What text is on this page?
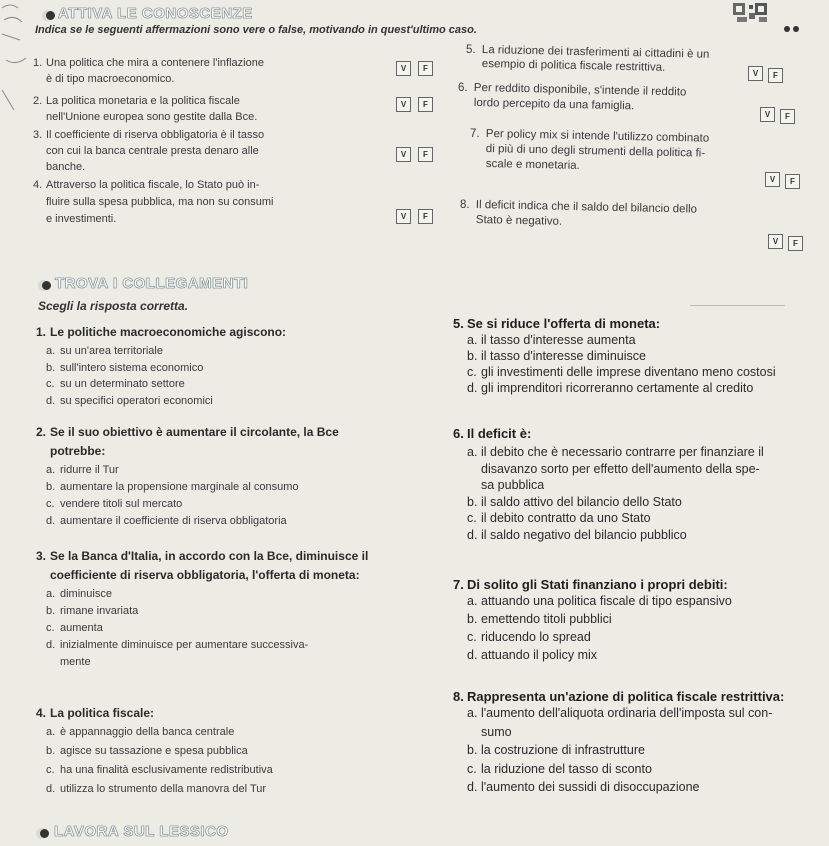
ATTIVA LE CONOSCENZE
Indica se le seguenti affermazioni sono vere o false, motivando in quest'ultimo caso.
Una politica che mira a contenere l'inflazione
è di tipo macroeconomico.
1.	V	F
La politica monetaria e la politica fiscale
nell'Unione europea sono gestite dalla Bce.
2.	V	F
Il coefficiente di riserva obbligatoria è il tasso
con cui la banca centrale presta denaro alle
banche.
3.
V	F
Attraverso la politica fiscale, lo Stato può in-
fluire sulla spesa pubblica, ma non su consumi
e investimenti.
4.
V	F
5. La riduzione dei trasferimenti ai cittadini è un
esempio di politica fiscale restrittiva.	V	F
6. Per reddito disponibile, s'intende il reddito
lordo percepito da una famiglia.
V	F
7. Per policy mix si intende l'utilizzo combinato
di più di uno degli strumenti della politica fi-
scale e monetaria.
V	F
8. Il deficit indica che il saldo del bilancio dello
Stato è negativo.
V	F
TROVA I COLLEGAMENTI
Scegli la risposta corretta.
1. Le politiche macroeconomiche agiscono:
a. su un'area territoriale
b. sull'intero sistema economico
c. su un determinato settore
d. su specifici operatori economici
2. Se il suo obiettivo è aumentare il circolante, la Bce
potrebbe:
a. ridurre il Tur
b. aumentare la propensione marginale al consumo
c. vendere titoli sul mercato
d. aumentare il coefficiente di riserva obbligatoria
3. Se la Banca d'Italia, in accordo con la Bce, diminuisce il
coefficiente di riserva obbligatoria, l'offerta di moneta:
a. diminuisce
b. rimane invariata
c. aumenta
d. inizialmente diminuisce per aumentare successiva-
mente
4. La politica fiscale:
a. è appannaggio della banca centrale
b. agisce su tassazione e spesa pubblica
c. ha una finalità esclusivamente redistributiva
d. utilizza lo strumento della manovra del Tur
5. Se si riduce l'offerta di moneta:
a. il tasso d'interesse aumenta
b. il tasso d'interesse diminuisce
c. gli investimenti delle imprese diventano meno costosi
d. gli imprenditori ricorreranno certamente al credito
6. Il deficit è:
a. il debito che è necessario contrarre per finanziare il
disavanzo sorto per effetto dell'aumento della spe-
sa pubblica
b. il saldo attivo del bilancio dello Stato
c. il debito contratto da uno Stato
d. il saldo negativo del bilancio pubblico
7. Di solito gli Stati finanziano i propri debiti:
a. attuando una politica fiscale di tipo espansivo
b. emettendo titoli pubblici
c. riducendo lo spread
d. attuando il policy mix
8. Rappresenta un'azione di politica fiscale restrittiva:
a. l'aumento dell'aliquota ordinaria dell'imposta sul con-
sumo
b. la costruzione di infrastrutture
c. la riduzione del tasso di sconto
d. l'aumento dei sussidi di disoccupazione
LAVORA SUL LESSICO
